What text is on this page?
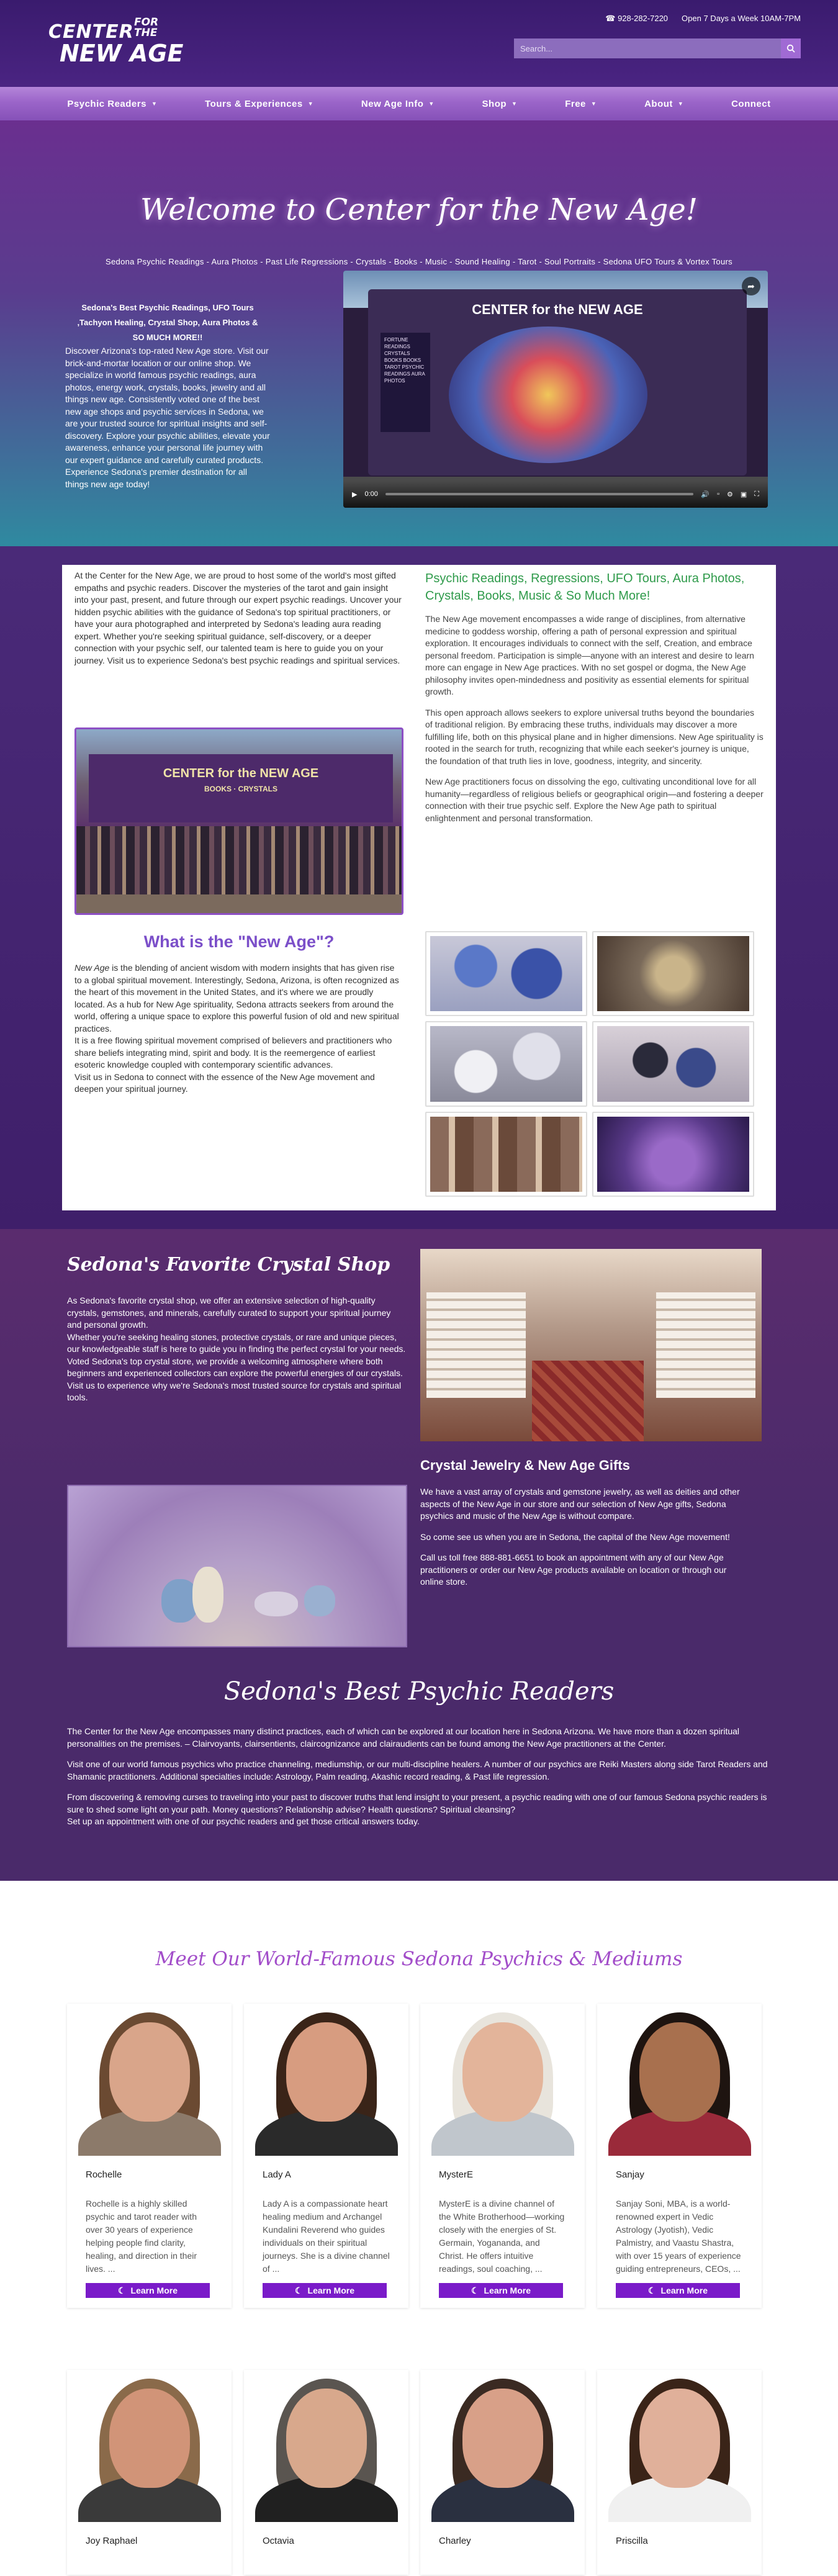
CENTER FOR THE
NEW AGE
☎ 928-282-7220 Open 7 Days a Week 10AM-7PM
Search...
Psychic Readers ▼	Tours & Experiences ▼	New Age Info ▼	Shop ▼	Free ▼	About ▼	Connect
Welcome to Center for the New Age!
Sedona Psychic Readings - Aura Photos - Past Life Regressions - Crystals - Books - Music - Sound Healing - Tarot - Soul Portraits - Sedona UFO Tours & Vortex Tours
Sedona's Best Psychic Readings, UFO Tours ,Tachyon Healing, Crystal Shop, Aura Photos & SO MUCH MORE!!
Discover Arizona's top-rated New Age store. Visit our brick-and-mortar location or our online shop. We specialize in world famous psychic readings, aura photos, energy work, crystals, books, jewelry and all things new age. Consistently voted one of the best new age shops and psychic services in Sedona, we are your trusted source for spiritual insights and self-discovery. Explore your psychic abilities, elevate your awareness, enhance your personal life journey with our expert guidance and carefully curated products. Experience Sedona's premier destination for all things new age today!
CENTER for the NEW AGE
FORTUNE READINGS CRYSTALS BOOKS BOOKS TAROT PSYCHIC READINGS AURA PHOTOS
➦
▶ 0:00	🔊 ▫ ⚙ ▣ ⛶
At the Center for the New Age, we are proud to host some of the world's most gifted empaths and psychic readers. Discover the mysteries of the tarot and gain insight into your past, present, and future through our expert psychic readings. Uncover your hidden psychic abilities with the guidance of Sedona's top spiritual practitioners, or have your aura photographed and interpreted by Sedona's leading aura reading expert. Whether you're seeking spiritual guidance, self-discovery, or a deeper connection with your psychic self, our talented team is here to guide you on your journey. Visit us to experience Sedona's best psychic readings and spiritual services.
CENTER for the NEW AGE
BOOKS · CRYSTALS
What is the "New Age"?

New Age is the blending of ancient wisdom with modern insights that has given rise to a global spiritual movement. Interestingly, Sedona, Arizona, is often recognized as the heart of this movement in the United States, and it's where we are proudly located. As a hub for New Age spirituality, Sedona attracts seekers from around the world, offering a unique space to explore this powerful fusion of old and new spiritual practices.

It is a free flowing spiritual movement comprised of believers and practitioners who share beliefs integrating mind, spirit and body. It is the reemergence of earliest esoteric knowledge coupled with contemporary scientific advances.

Visit us in Sedona to connect with the essence of the New Age movement and deepen your spiritual journey.

Psychic Readings, Regressions, UFO Tours, Aura Photos, Crystals, Books, Music & So Much More!

The New Age movement encompasses a wide range of disciplines, from alternative medicine to goddess worship, offering a path of personal expression and spiritual exploration. It encourages individuals to connect with the self, Creation, and embrace personal freedom. Participation is simple—anyone with an interest and desire to learn more can engage in New Age practices. With no set gospel or dogma, the New Age philosophy invites open-mindedness and positivity as essential elements for spiritual growth.

This open approach allows seekers to explore universal truths beyond the boundaries of traditional religion. By embracing these truths, individuals may discover a more fulfilling life, both on this physical plane and in higher dimensions. New Age spirituality is rooted in the search for truth, recognizing that while each seeker's journey is unique, the foundation of that truth lies in love, goodness, integrity, and sincerity.

New Age practitioners focus on dissolving the ego, cultivating unconditional love for all humanity—regardless of religious beliefs or geographical origin—and fostering a deeper connection with their true psychic self. Explore the New Age path to spiritual enlightenment and personal transformation.

Sedona's Favorite Crystal Shop

As Sedona's favorite crystal shop, we offer an extensive selection of high-quality crystals, gemstones, and minerals, carefully curated to support your spiritual journey and personal growth.

Whether you're seeking healing stones, protective crystals, or rare and unique pieces, our knowledgeable staff is here to guide you in finding the perfect crystal for your needs.

Voted Sedona's top crystal store, we provide a welcoming atmosphere where both beginners and experienced collectors can explore the powerful energies of our crystals.

Visit us to experience why we're Sedona's most trusted source for crystals and spiritual tools.

Crystal Jewelry & New Age Gifts

We have a vast array of crystals and gemstone jewelry, as well as deities and other aspects of the New Age in our store and our selection of New Age gifts, Sedona psychics and music of the New Age is without compare.

So come see us when you are in Sedona, the capital of the New Age movement!

Call us toll free 888-881-6651 to book an appointment with any of our New Age practitioners or order our New Age products available on location or through our online store.

Sedona's Best Psychic Readers

The Center for the New Age encompasses many distinct practices, each of which can be explored at our location here in Sedona Arizona. We have more than a dozen spiritual personalities on the premises. – Clairvoyants, clairsentients, claircognizance and clairaudients can be found among the New Age practitioners at the Center.

Visit one of our world famous psychics who practice channeling, mediumship, or our multi-discipline healers. A number of our psychics are Reiki Masters along side Tarot Readers and Shamanic practitioners. Additional specialties include: Astrology, Palm reading, Akashic record reading, & Past life regression.

From discovering & removing curses to traveling into your past to discover truths that lend insight to your present, a psychic reading with one of our famous Sedona psychic readers is sure to shed some light on your path. Money questions? Relationship advise? Health questions? Spiritual cleansing?
Set up an appointment with one of our psychic readers and get those critical answers today.

Meet Our World-Famous Sedona Psychics & Mediums
Rochelle
Rochelle is a highly skilled psychic and tarot reader with over 30 years of experience helping people find clarity, healing, and direction in their lives. ...
☾ Learn More
Lady A
Lady A is a compassionate heart healing medium and Archangel Kundalini Reverend who guides individuals on their spiritual journeys. She is a divine channel of ...
☾ Learn More
MysterE
MysterE is a divine channel of the White Brotherhood—working closely with the energies of St. Germain, Yogananda, and Christ. He offers intuitive readings, soul coaching, ...
☾ Learn More
Sanjay
Sanjay Soni, MBA, is a world-renowned expert in Vedic Astrology (Jyotish), Vedic Palmistry, and Vaastu Shastra, with over 15 years of experience guiding entrepreneurs, CEOs, ...
☾ Learn More
Joy Raphael	Octavia	Charley	Priscilla
